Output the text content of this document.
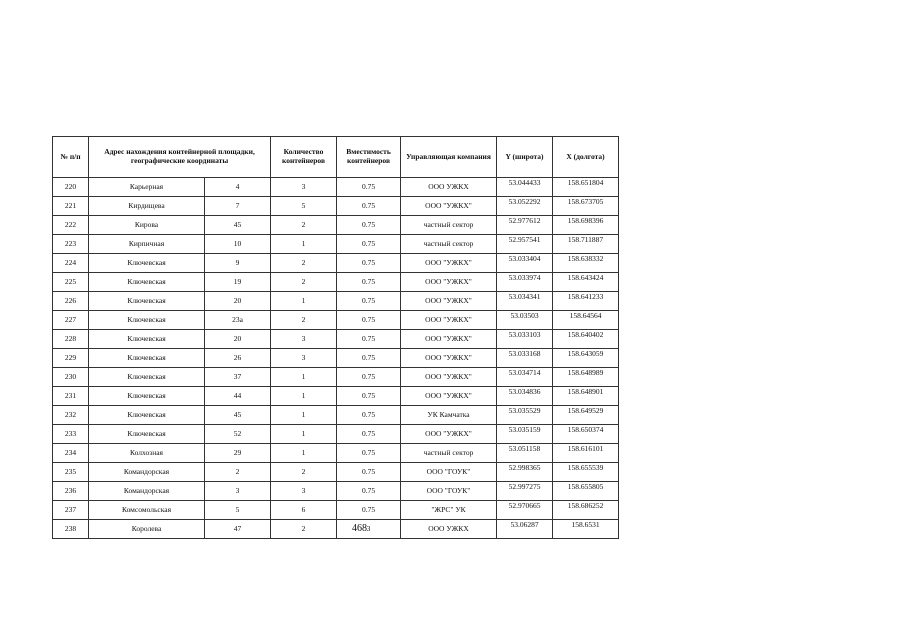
№ п/п	Адрес нахождения контейнерной площадки, географические координаты		Количество контейнеров	Вместимость контейнеров	Управляющая компания	Y (широта)	X (долгота)
220	Карьерная	4	3	0.75	ООО УЖКХ	53.044433	158.651804
221	Кирдищева	7	5	0.75	ООО "УЖКХ"	53.052292	158.673705
222	Кирова	45	2	0.75	частный сектор	52.977612	158.698396
223	Кирпичная	10	1	0.75	частный сектор	52.957541	158.711887
224	Ключевская	9	2	0.75	ООО "УЖКХ"	53.033404	158.638332
225	Ключевская	19	2	0.75	ООО "УЖКХ"	53.033974	158.643424
226	Ключевская	20	1	0.75	ООО "УЖКХ"	53.034341	158.641233
227	Ключевская	23а	2	0.75	ООО "УЖКХ"	53.03503	158.64564
228	Ключевская	20	3	0.75	ООО "УЖКХ"	53.033103	158.640402
229	Ключевская	26	3	0.75	ООО "УЖКХ"	53.033168	158.643059
230	Ключевская	37	1	0.75	ООО "УЖКХ"	53.034714	158.648989
231	Ключевская	44	1	0.75	ООО "УЖКХ"	53.034836	158.648901
232	Ключевская	45	1	0.75	УК Камчатка	53.035529	158.649529
233	Ключевская	52	1	0.75	ООО "УЖКХ"	53.035159	158.650374
234	Колхозная	29	1	0.75	частный сектор	53.051158	158.616101
235	Командорская	2	2	0.75	ООО "ГОУК"	52.998365	158.655539
236	Командорская	3	3	0.75	ООО "ГОУК"	52.997275	158.655805
237	Комсомольская	5	6	0.75	"ЖРС" УК	52.970665	158.686252
238	Королева	47	2	3	ООО УЖКХ	53.06287	158.6531
468
